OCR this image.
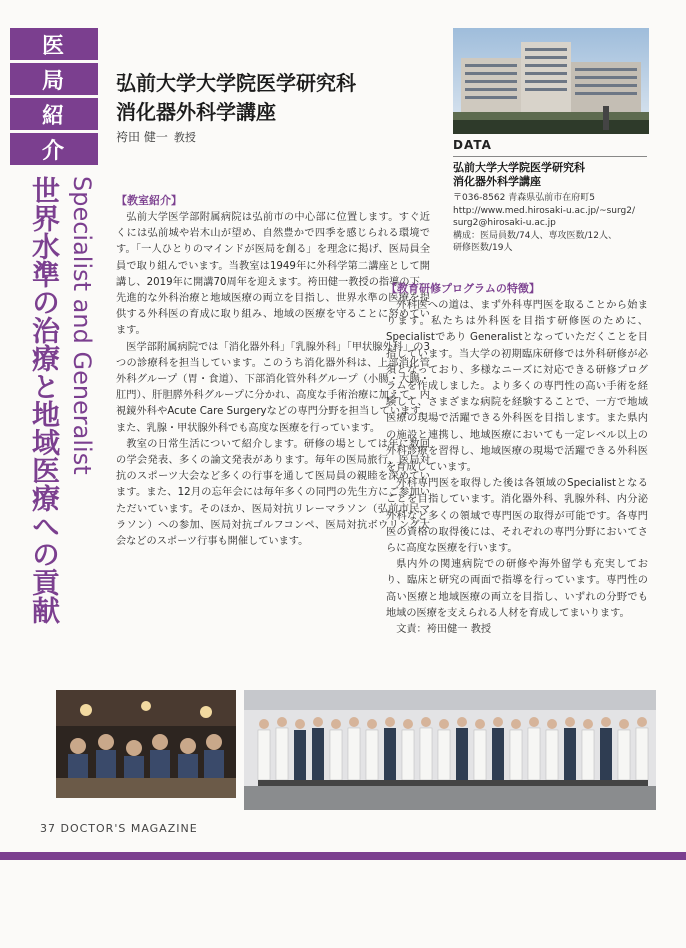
医
局
紹
介
Specialist and Generalist
世界水準の治療と地域医療への貢献
弘前大学大学院医学研究科
消化器外科学講座
袴田 健一 教授
DATA
弘前大学大学院医学研究科
消化器外科学講座
〒036-8562 青森県弘前市在府町5
http://www.med.hirosaki-u.ac.jp/~surg2/
surg2@hirosaki-u.ac.jp
構成：医局員数/74人、専攻医数/12人、
研修医数/19人
【教室紹介】

弘前大学医学部附属病院は弘前市の中心部に位置します。すぐ近くには弘前城や岩木山が望め、自然豊かで四季を感じられる環境です。「一人ひとりのマインドが医局を創る」を理念に掲げ、医局員全員で取り組んでいます。当教室は1949年に外科学第二講座として開講し、2019年に開講70周年を迎えます。袴田健一教授の指導の下、先進的な外科治療と地域医療の両立を目指し、世界水準の医療を提供する外科医の育成に取り組み、地域の医療を守ることに努めています。

医学部附属病院では「消化器外科」「乳腺外科」「甲状腺外科」の3つの診療科を担当しています。このうち消化器外科は、上部消化管外科グループ（胃・食道）、下部消化管外科グループ（小腸・大腸・肛門）、肝胆膵外科グループに分かれ、高度な手術治療に加えて、内視鏡外科やAcute Care Surgeryなどの専門分野を担当しています。また、乳腺・甲状腺外科でも高度な医療を行っています。

教室の日常生活について紹介します。研修の場としては年に数回の学会発表、多くの論文発表があります。毎年の医局旅行、医局対抗のスポーツ大会など多くの行事を通して医局員の親睦を深めています。また、12月の忘年会には毎年多くの同門の先生方にご参加いただいています。そのほか、医局対抗リレーマラソン（弘前市民マラソン）への参加、医局対抗ゴルフコンペ、医局対抗ボウリング大会などのスポーツ行事も開催しています。

【教育研修プログラムの特徴】

外科医への道は、まず外科専門医を取ることから始まります。私たちは外科医を目指す研修医のために、Specialistであり Generalistとなっていただくことを目指しています。当大学の初期臨床研修では外科研修が必須となっており、多様なニーズに対応できる研修プログラムを作成しました。より多くの専門性の高い手術を経験して、さまざまな病院を経験することで、一方で地域医療の現場で活躍できる外科医を目指します。また県内の施設と連携し、地域医療においても一定レベル以上の外科診療を習得し、地域医療の現場で活躍できる外科医を育成しています。

外科専門医を取得した後は各領域のSpecialistとなることを目指しています。消化器外科、乳腺外科、内分泌外科など多くの領域で専門医の取得が可能です。各専門医の資格の取得後には、それぞれの専門分野においてさらに高度な医療を行います。

県内外の関連病院での研修や海外留学も充実しており、臨床と研究の両面で指導を行っています。専門性の高い医療と地域医療の両立を目指し、いずれの分野でも地域の医療を支えられる人材を育成してまいります。

文責：袴田健一 教授

37 DOCTOR'S MAGAZINE
